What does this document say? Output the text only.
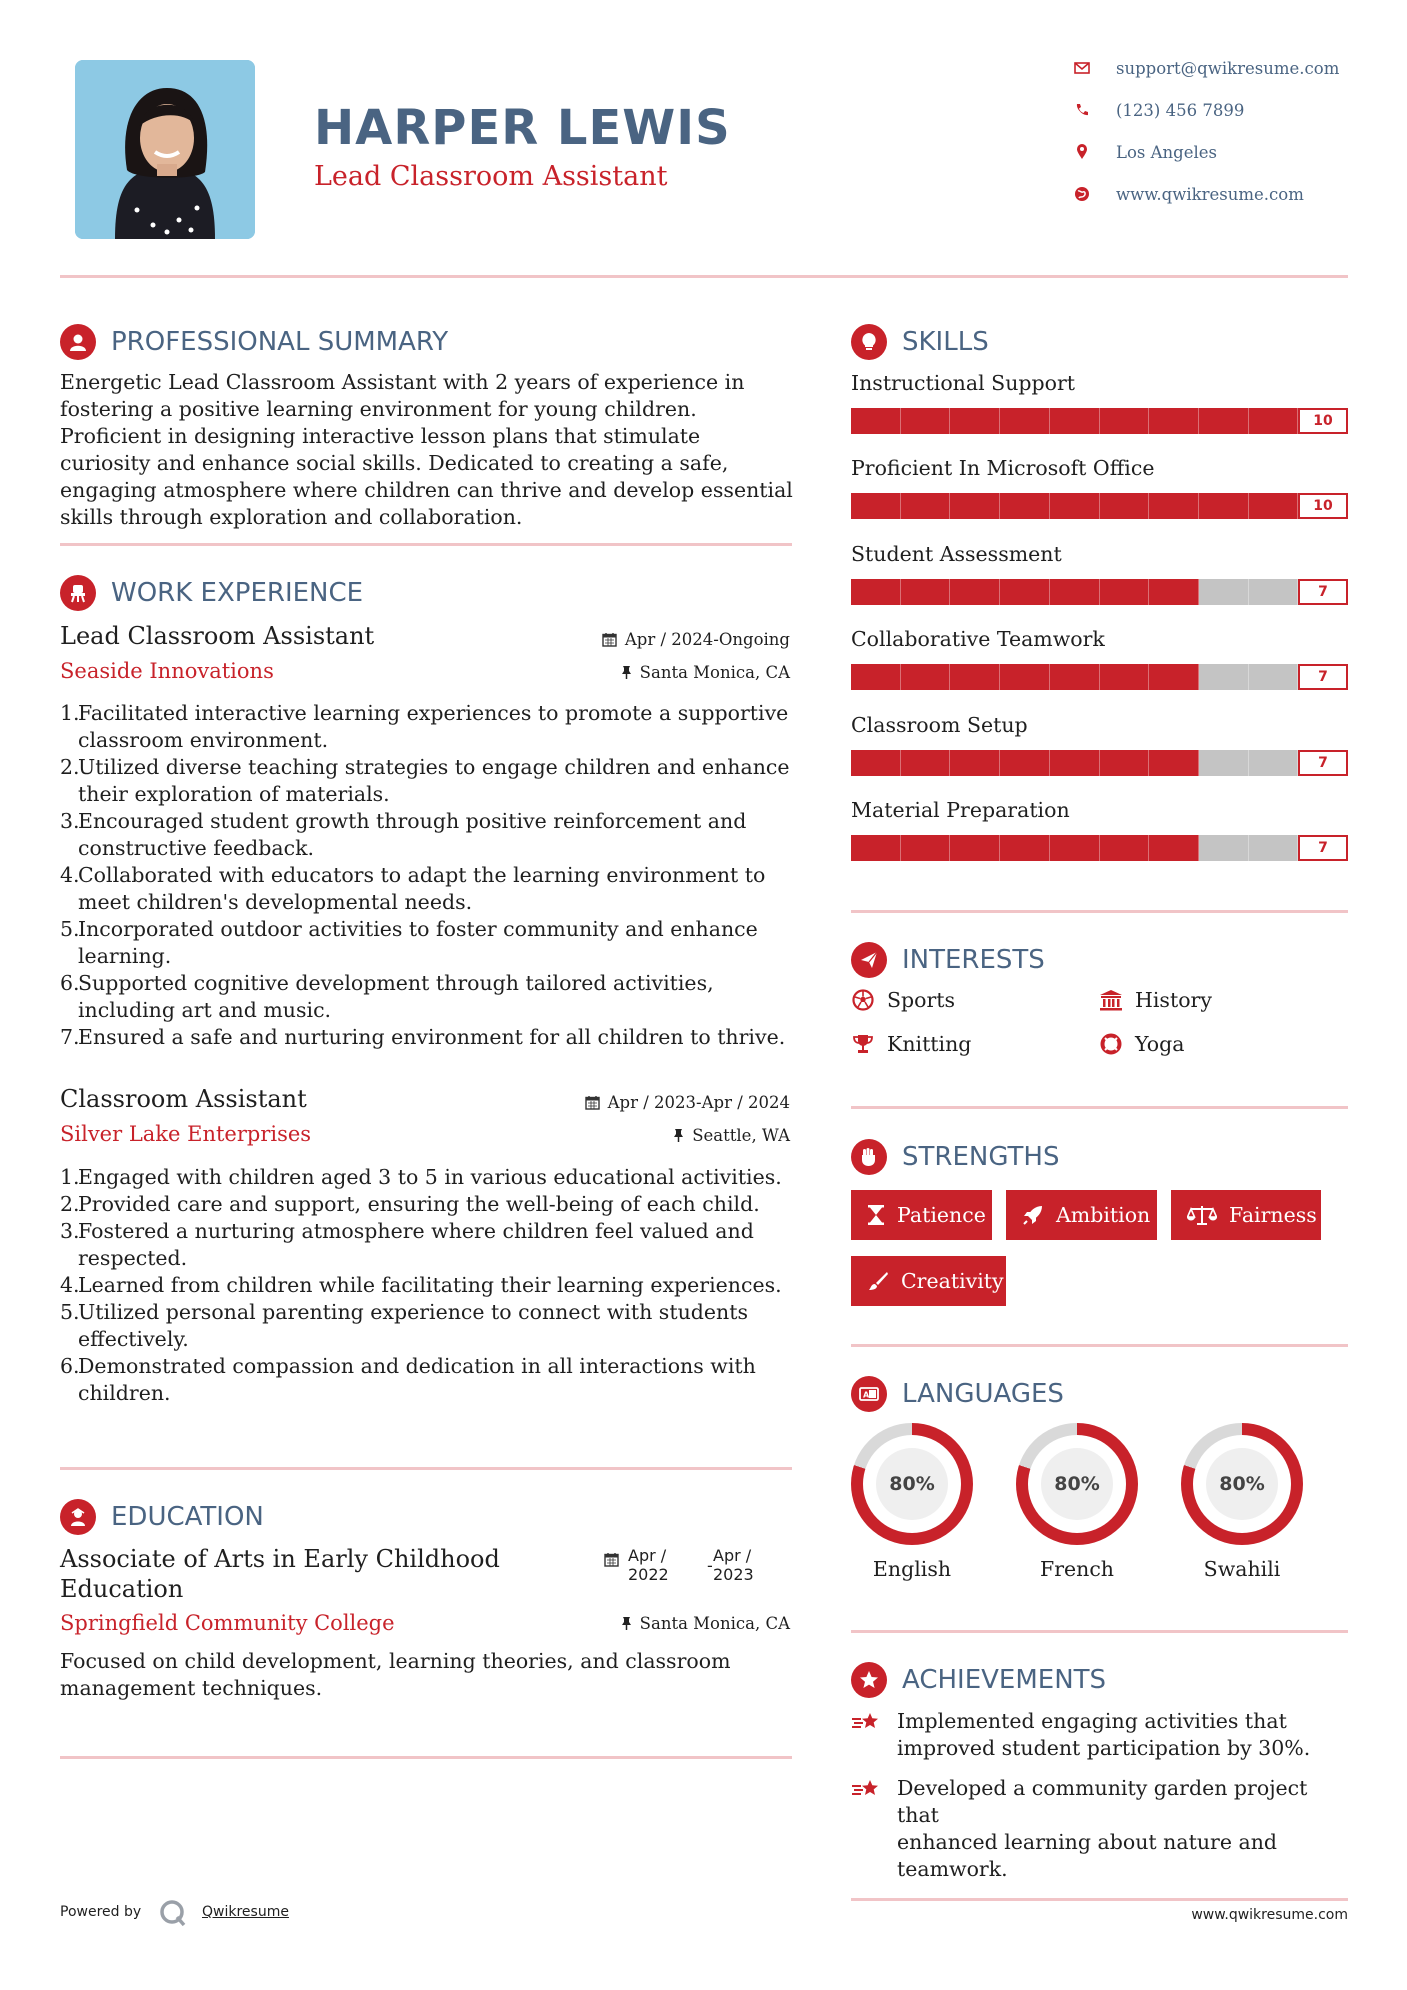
HARPER LEWIS
Lead Classroom Assistant
support@qwikresume.com
(123) 456 7899
Los Angeles
www.qwikresume.com
PROFESSIONAL SUMMARY
Energetic Lead Classroom Assistant with 2 years of experience in fostering a positive learning environment for young children. Proficient in designing interactive lesson plans that stimulate curiosity and enhance social skills. Dedicated to creating a safe, engaging atmosphere where children can thrive and develop essential skills through exploration and collaboration.
WORK EXPERIENCE
Lead Classroom Assistant	Apr / 2024-Ongoing
Seaside Innovations	Santa Monica, CA
1.
Facilitated interactive learning experiences to promote a supportive classroom environment.
2.
Utilized diverse teaching strategies to engage children and enhance their exploration of materials.
3.
Encouraged student growth through positive reinforcement and constructive feedback.
4.
Collaborated with educators to adapt the learning environment to meet children's developmental needs.
5.
Incorporated outdoor activities to foster community and enhance learning.
6.
Supported cognitive development through tailored activities, including art and music.
7.
Ensured a safe and nurturing environment for all children to thrive.
Classroom Assistant	Apr / 2023-Apr / 2024
Silver Lake Enterprises	Seattle, WA
1.
Engaged with children aged 3 to 5 in various educational activities.
2.
Provided care and support, ensuring the well-being of each child.
3.
Fostered a nurturing atmosphere where children feel valued and respected.
4.
Learned from children while facilitating their learning experiences.
5.
Utilized personal parenting experience to connect with students effectively.
6.
Demonstrated compassion and dedication in all interactions with children.
EDUCATION
Associate of Arts in Early Childhood
Education
Apr /
2022 -
Apr /
2023
Springfield Community College	Santa Monica, CA
Focused on child development, learning theories, and classroom management techniques.
SKILLS
Instructional Support
10
Proficient In Microsoft Office
10
Student Assessment
7
Collaborative Teamwork
7
Classroom Setup
7
Material Preparation
7
INTERESTS
Sports	History
Knitting	Yoga
STRENGTHS
Patience	Ambition	Fairness
Creativity
A LANGUAGES
80%
English
80%
French
80%
Swahili
ACHIEVEMENTS
Implemented engaging activities that
improved student participation by 30%.
Developed a community garden project that
enhanced learning about nature and
teamwork.
Powered by	Qwikresume	www.qwikresume.com
